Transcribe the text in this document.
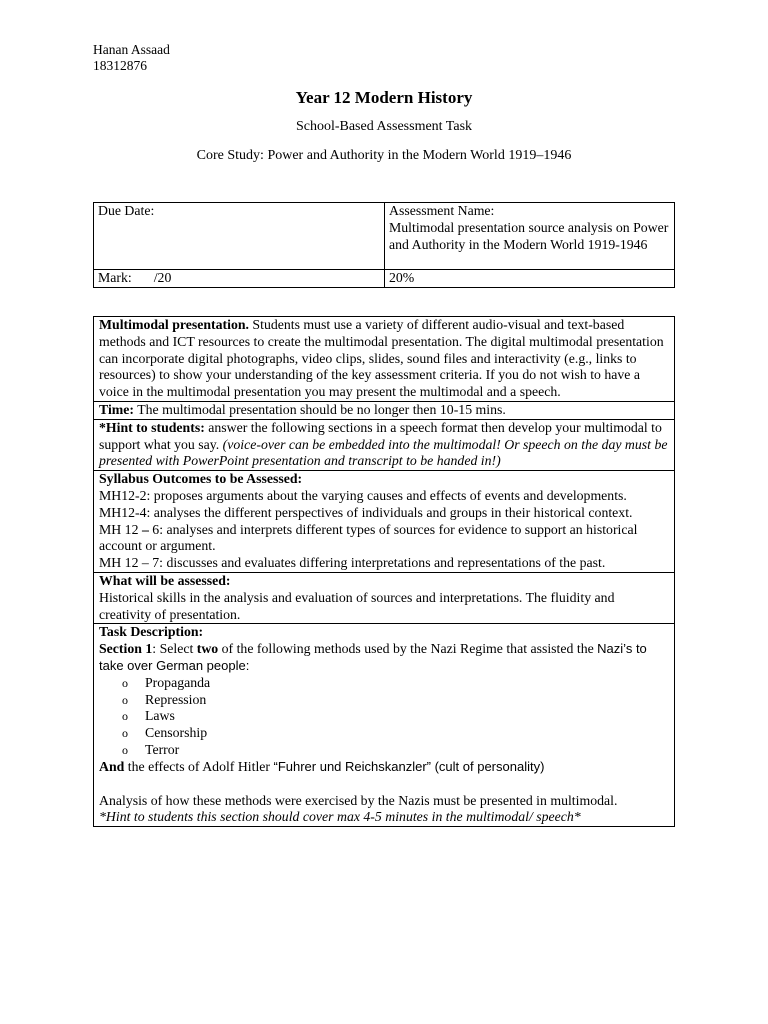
Hanan Assaad
18312876
Year 12 Modern History
School-Based Assessment Task
Core Study: Power and Authority in the Modern World 1919–1946
Due Date:	Assessment Name:
Multimodal presentation source analysis on Power and Authority in the Modern World 1919-1946

Mark: /20	20%
Multimodal presentation. Students must use a variety of different audio-visual and text-based methods and ICT resources to create the multimodal presentation. The digital multimodal presentation can incorporate digital photographs, video clips, slides, sound files and interactivity (e.g., links to resources) to show your understanding of the key assessment criteria. If you do not wish to have a voice in the multimodal presentation you may present the multimodal and a speech.
Time: The multimodal presentation should be no longer then 10-15 mins.
*Hint to students: answer the following sections in a speech format then develop your multimodal to support what you say. (voice-over can be embedded into the multimodal! Or speech on the day must be presented with PowerPoint presentation and transcript to be handed in!)

Syllabus Outcomes to be Assessed:
MH12-2: proposes arguments about the varying causes and effects of events and developments.
MH12-4: analyses the different perspectives of individuals and groups in their historical context.
MH 12 – 6: analyses and interprets different types of sources for evidence to support an historical account or argument.
MH 12 – 7: discusses and evaluates differing interpretations and representations of the past.

What will be assessed:
Historical skills in the analysis and evaluation of sources and interpretations. The fluidity and creativity of presentation.

Task Description:
Section 1: Select two of the following methods used by the Nazi Regime that assisted the Nazi’s to take over German people:
o Propaganda
o Repression
o Laws
o Censorship
o Terror
And the effects of Adolf Hitler “Fuhrer und Reichskanzler” (cult of personality)
Analysis of how these methods were exercised by the Nazis must be presented in multimodal.
*Hint to students this section should cover max 4-5 minutes in the multimodal/ speech*
